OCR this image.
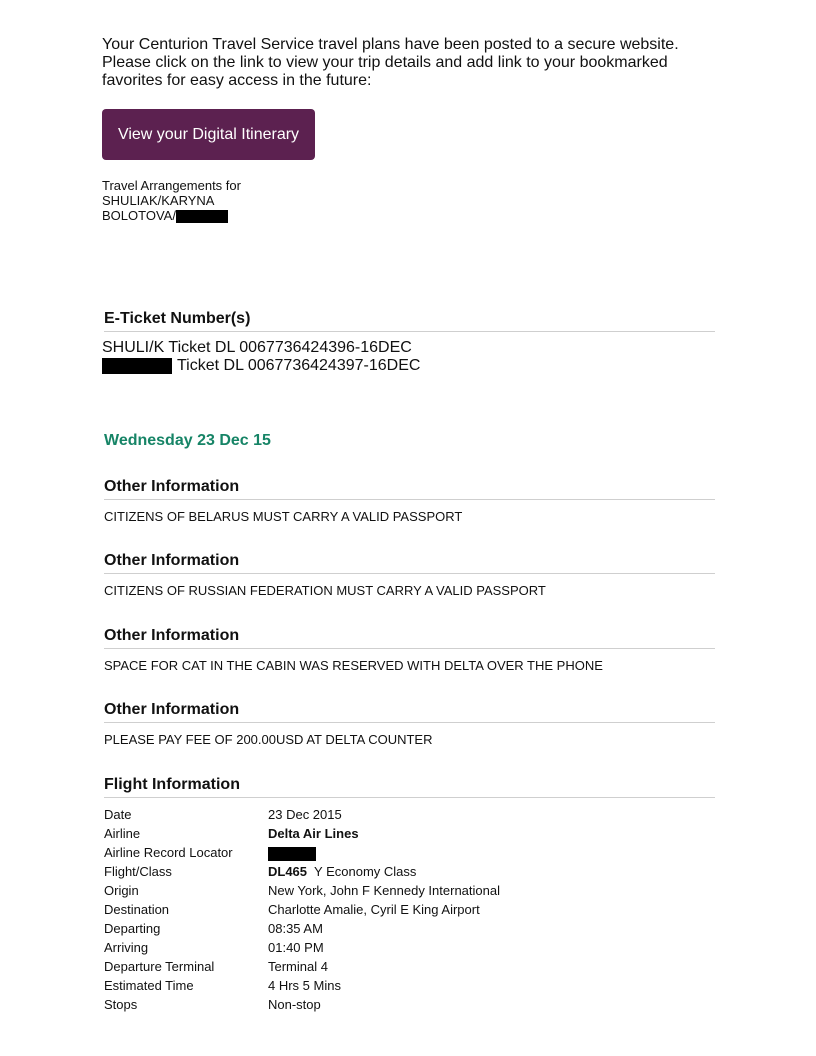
Your Centurion Travel Service travel plans have been posted to a secure website.
Please click on the link to view your trip details and add link to your bookmarked
favorites for easy access in the future:
View your Digital Itinerary
Travel Arrangements for
SHULIAK/KARYNA
BOLOTOVA/
E-Ticket Number(s)
SHULI/K Ticket DL 0067736424396-16DEC
Ticket DL 0067736424397-16DEC
Wednesday 23 Dec 15
Other Information
CITIZENS OF BELARUS MUST CARRY A VALID PASSPORT
Other Information
CITIZENS OF RUSSIAN FEDERATION MUST CARRY A VALID PASSPORT
Other Information
SPACE FOR CAT IN THE CABIN WAS RESERVED WITH DELTA OVER THE PHONE
Other Information
PLEASE PAY FEE OF 200.00USD AT DELTA COUNTER
Flight Information
Date	23 Dec 2015
Airline	Delta Air Lines
Airline Record Locator
Flight/Class	DL465 Y Economy Class
Origin	New York, John F Kennedy International
Destination	Charlotte Amalie, Cyril E King Airport
Departing	08:35 AM
Arriving	01:40 PM
Departure Terminal	Terminal 4
Estimated Time	4 Hrs 5 Mins
Stops	Non-stop
